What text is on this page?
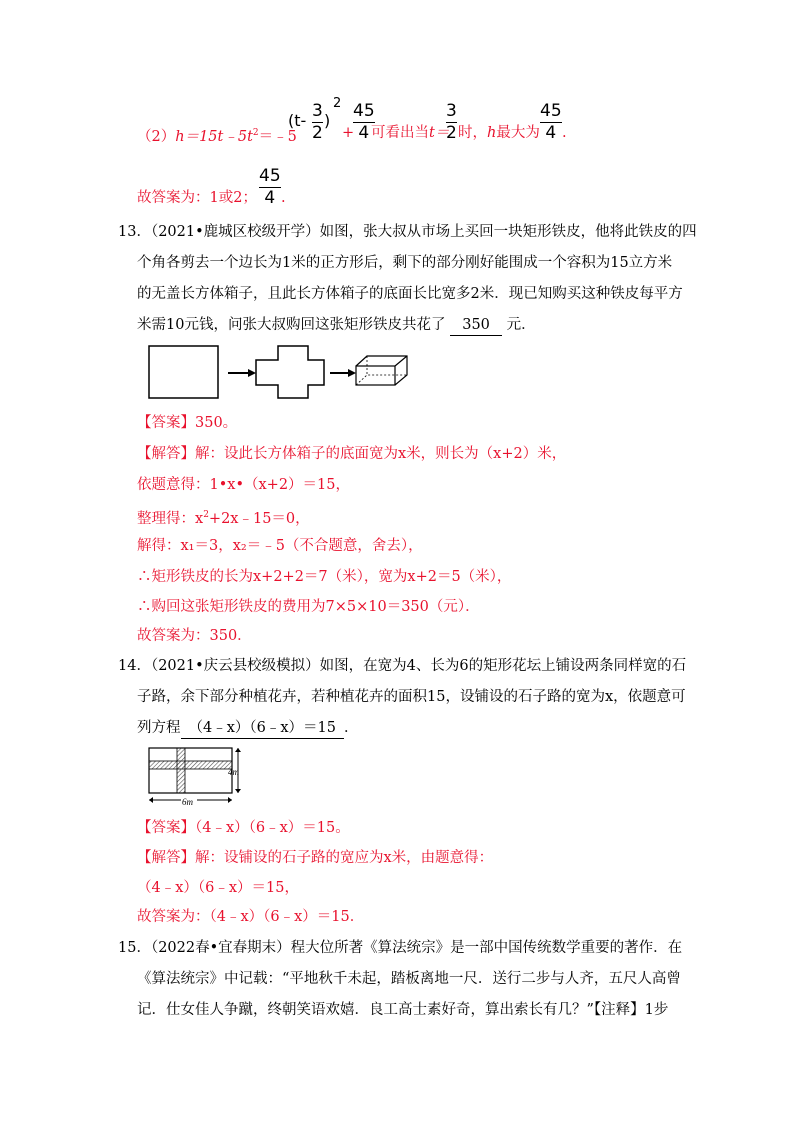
$(2)h=15t﹣5t^2=﹣5$
(t- 3
2
)
2
+
45
4 可看出当t＝
3
2 时，h最大为
45
4 .
故答案为：1或2；
45
4 .
13．（2021•鹿城区校级开学）如图，张大叔从市场上买回一块矩形铁皮，他将此铁皮的四
个角各剪去一个边长为1米的正方形后，剩下的部分刚好能围成一个容积为15立方米
的无盖长方体箱子，且此长方体箱子的底面长比宽多2米．现已知购买这种铁皮每平方
米需10元钱，问张大叔购回这张矩形铁皮共花了 350 元．
【答案】350。
【解答】解：设此长方体箱子的底面宽为x米，则长为（x+2）米，
依题意得：1•x•（x+2）＝15，
整理得：$x^2+2x﹣15=0$，
解得：x₁＝3，x₂＝﹣5（不合题意，舍去），
∴矩形铁皮的长为x+2+2＝7（米），宽为x+2＝5（米），
∴购回这张矩形铁皮的费用为7×5×10＝350（元）．
故答案为：350．
14．（2021•庆云县校级模拟）如图，在宽为4、长为6的矩形花坛上铺设两条同样宽的石
子路，余下部分种植花卉，若种植花卉的面积15，设铺设的石子路的宽为x，依题意可
列方程 （4﹣x）（6﹣x）＝15 ．
4m
6m
【答案】（4﹣x）（6﹣x）＝15。
【解答】解：设铺设的石子路的宽应为x米，由题意得：
（4﹣x）（6﹣x）＝15，
故答案为：（4﹣x）（6﹣x）＝15．
15．（2022春•宜春期末）程大位所著《算法统宗》是一部中国传统数学重要的著作．在
《算法统宗》中记载：“平地秋千未起，踏板离地一尺．送行二步与人齐，五尺人高曾
记．仕女佳人争蹴，终朝笑语欢嬉．良工高士素好奇，算出索长有几？”【注释】1步
